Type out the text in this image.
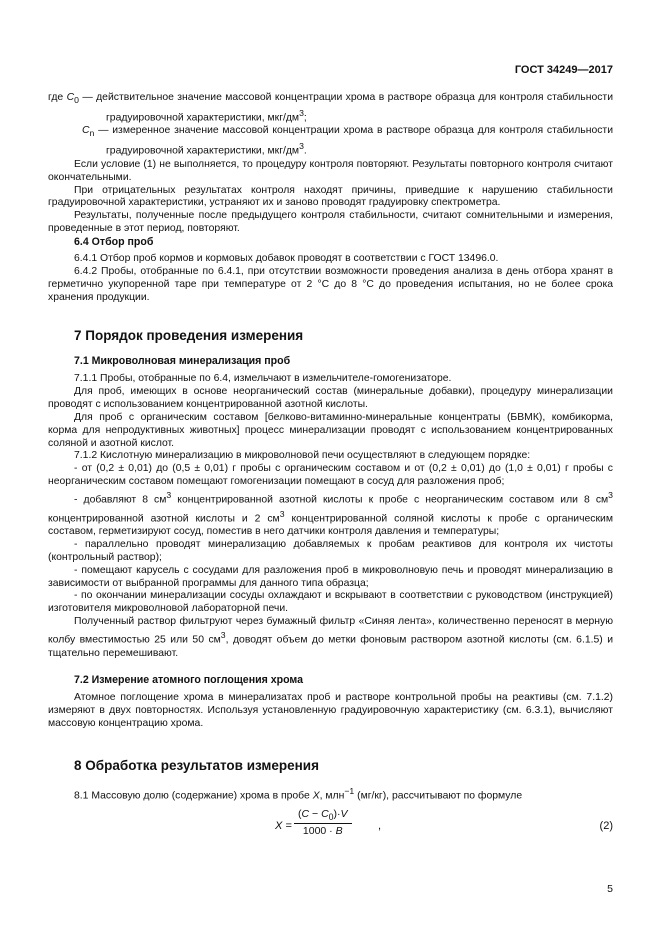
ГОСТ 34249—2017

где $C_0$ — действительное значение массовой концентрации хрома в растворе образца для контроля стабильности градуировочной характеристики, мкг/$дм^3$;

$C_n$ — измеренное значение массовой концентрации хрома в растворе образца для контроля стабильности градуировочной характеристики, мкг/$дм^3$.

Если условие (1) не выполняется, то процедуру контроля повторяют. Результаты повторного контроля считают окончательными.

При отрицательных результатах контроля находят причины, приведшие к нарушению стабильности градуировочной характеристики, устраняют их и заново проводят градуировку спектрометра.

Результаты, полученные после предыдущего контроля стабильности, считают сомнительными и измерения, проведенные в этот период, повторяют.

6.4 Отбор проб

6.4.1 Отбор проб кормов и кормовых добавок проводят в соответствии с ГОСТ 13496.0.

6.4.2 Пробы, отобранные по 6.4.1, при отсутствии возможности проведения анализа в день отбора хранят в герметично укупоренной таре при температуре от 2 °С до 8 °С до проведения испытания, но не более срока хранения продукции.

7 Порядок проведения измерения

7.1 Микроволновая минерализация проб

7.1.1 Пробы, отобранные по 6.4, измельчают в измельчителе-гомогенизаторе.

Для проб, имеющих в основе неорганический состав (минеральные добавки), процедуру минерализации проводят с использованием концентрированной азотной кислоты.

Для проб с органическим составом [белково-витаминно-минеральные концентраты (БВМК), комбикорма, корма для непродуктивных животных] процесс минерализации проводят с использованием концентрированных соляной и азотной кислот.

7.1.2 Кислотную минерализацию в микроволновой печи осуществляют в следующем порядке:

- от (0,2 ± 0,01) до (0,5 ± 0,01) г пробы с органическим составом и от (0,2 ± 0,01) до (1,0 ± 0,01) г пробы с неорганическим составом помещают гомогенизации помещают в сосуд для разложения проб;

- добавляют 8 $см^3$ концентрированной азотной кислоты к пробе с неорганическим составом или 8 $см^3$ концентрированной азотной кислоты и 2 $см^3$ концентрированной соляной кислоты к пробе с органическим составом, герметизируют сосуд, поместив в него датчики контроля давления и температуры;

- параллельно проводят минерализацию добавляемых к пробам реактивов для контроля их чистоты (контрольный раствор);

- помещают карусель с сосудами для разложения проб в микроволновую печь и проводят минерализацию в зависимости от выбранной программы для данного типа образца;

- по окончании минерализации сосуды охлаждают и вскрывают в соответствии с руководством (инструкцией) изготовителя микроволновой лабораторной печи.

Полученный раствор фильтруют через бумажный фильтр «Синяя лента», количественно переносят в мерную колбу вместимостью 25 или 50 $см^3$, доводят объем до метки фоновым раствором азотной кислоты (см. 6.1.5) и тщательно перемешивают.

7.2 Измерение атомного поглощения хрома

Атомное поглощение хрома в минерализатах проб и растворе контрольной пробы на реактивы (см. 7.1.2) измеряют в двух повторностях. Используя установленную градуировочную характеристику (см. 6.3.1), вычисляют массовую концентрацию хрома.

8 Обработка результатов измерения

8.1 Массовую долю (содержание) хрома в пробе X, млн$^{-1}$ (мг/кг), рассчитывают по формуле

$X = \frac{(C - C_0)\cdot V}{1000 \cdot B}$ ,	(2)
5
